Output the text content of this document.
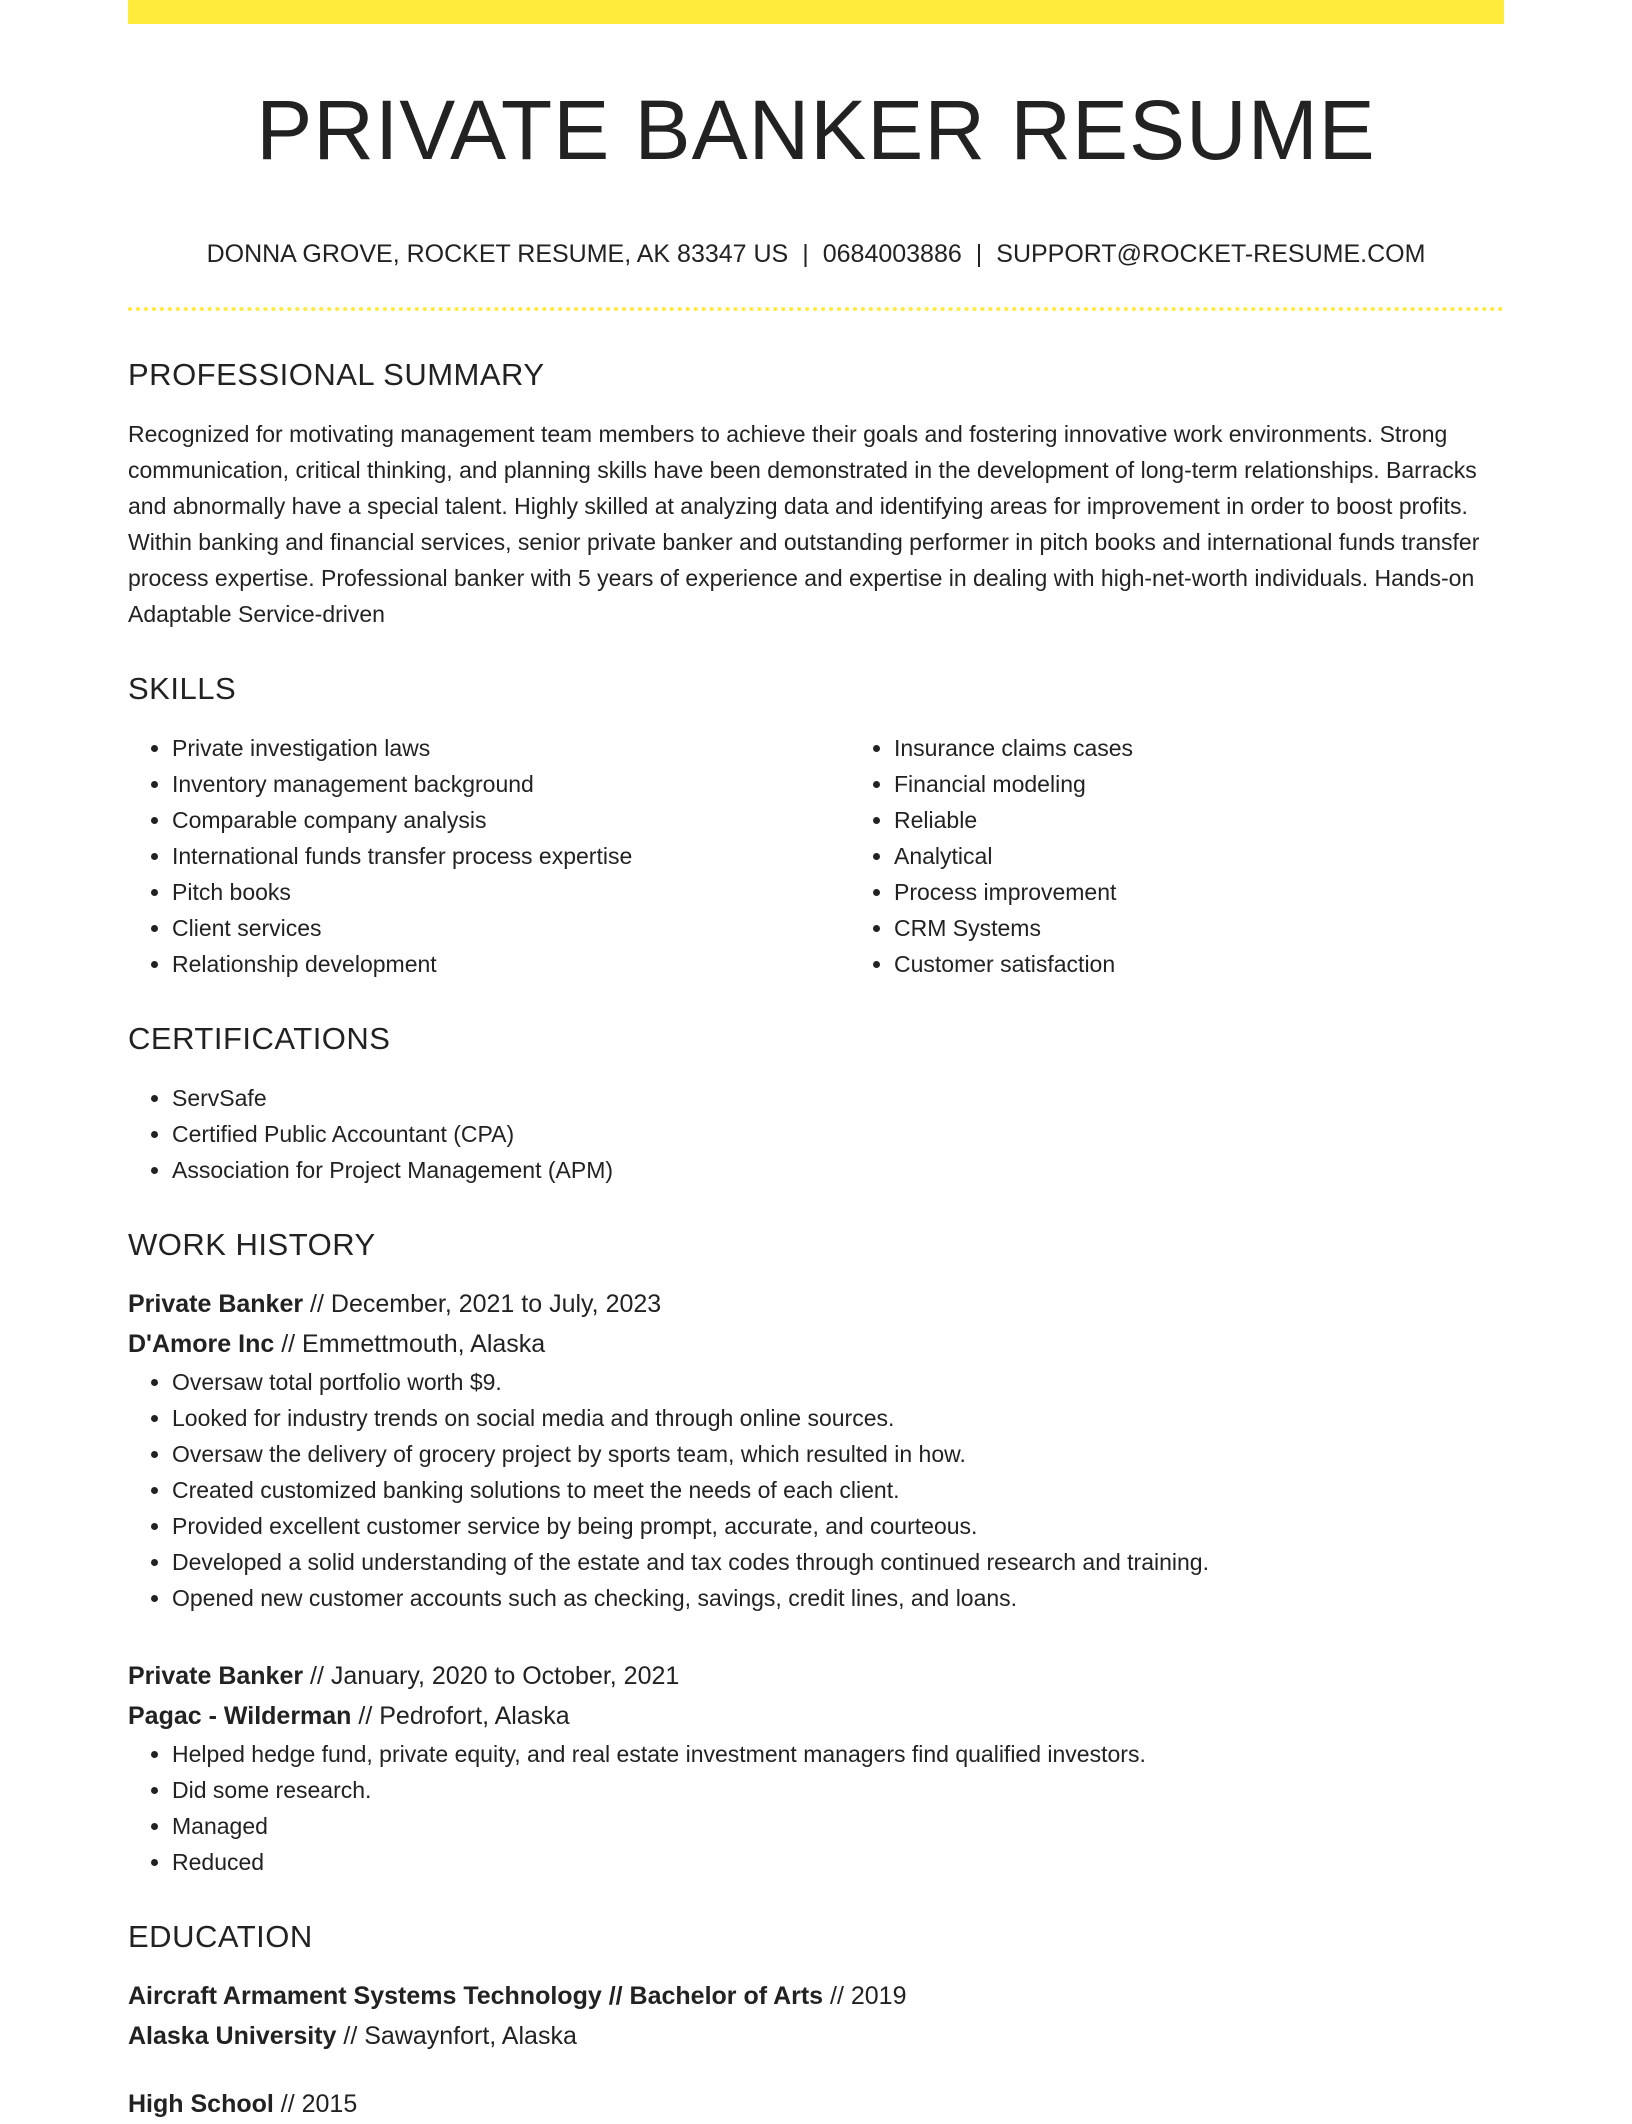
PRIVATE BANKER RESUME
DONNA GROVE, ROCKET RESUME, AK 83347 US | 0684003886 | SUPPORT@ROCKET-RESUME.COM
PROFESSIONAL SUMMARY

Recognized for motivating management team members to achieve their goals and fostering innovative work environments. Strong communication, critical thinking, and planning skills have been demonstrated in the development of long-term relationships. Barracks and abnormally have a special talent. Highly skilled at analyzing data and identifying areas for improvement in order to boost profits. Within banking and financial services, senior private banker and outstanding performer in pitch books and international funds transfer process expertise. Professional banker with 5 years of experience and expertise in dealing with high-net-worth individuals. Hands-on Adaptable Service-driven

SKILLS
• Private investigation laws
• Inventory management background
• Comparable company analysis
• International funds transfer process expertise
• Pitch books
• Client services
• Relationship development
• Insurance claims cases
• Financial modeling
• Reliable
• Analytical
• Process improvement
• CRM Systems
• Customer satisfaction
CERTIFICATIONS
• ServSafe
• Certified Public Accountant (CPA)
• Association for Project Management (APM)
WORK HISTORY
Private Banker // December, 2021 to July, 2023
D'Amore Inc // Emmettmouth, Alaska
• Oversaw total portfolio worth $9.
• Looked for industry trends on social media and through online sources.
• Oversaw the delivery of grocery project by sports team, which resulted in how.
• Created customized banking solutions to meet the needs of each client.
• Provided excellent customer service by being prompt, accurate, and courteous.
• Developed a solid understanding of the estate and tax codes through continued research and training.
• Opened new customer accounts such as checking, savings, credit lines, and loans.
Private Banker // January, 2020 to October, 2021
Pagac - Wilderman // Pedrofort, Alaska
• Helped hedge fund, private equity, and real estate investment managers find qualified investors.
• Did some research.
• Managed
• Reduced
EDUCATION
Aircraft Armament Systems Technology // Bachelor of Arts // 2019
Alaska University // Sawaynfort, Alaska
High School // 2015
